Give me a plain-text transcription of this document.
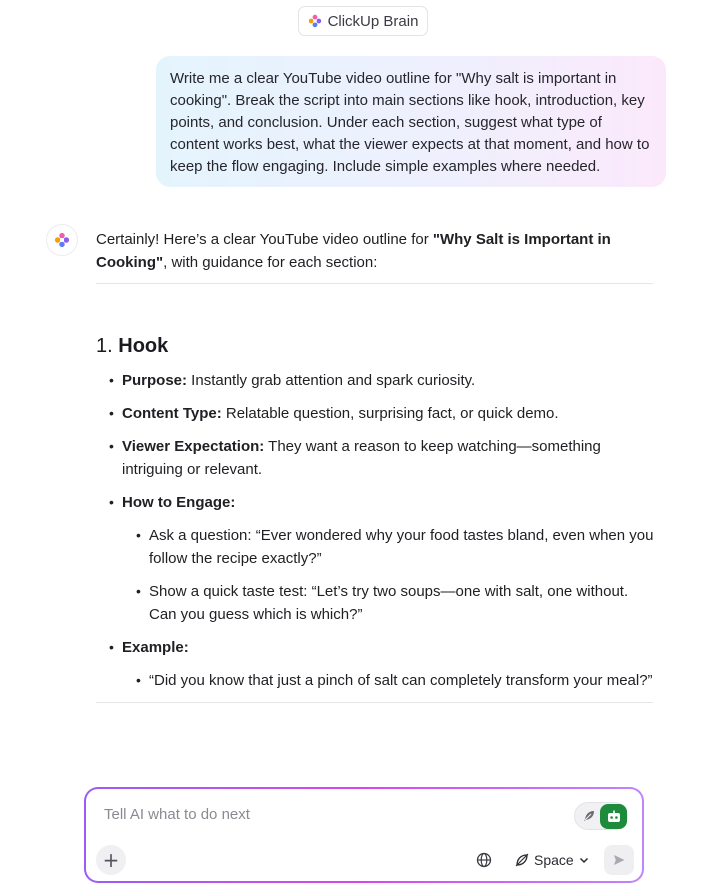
ClickUp Brain
Write me a clear YouTube video outline for "Why salt is important in cooking". Break the script into main sections like hook, introduction, key points, and conclusion. Under each section, suggest what type of content works best, what the viewer expects at that moment, and how to keep the flow engaging. Include simple examples where needed.

Certainly! Here’s a clear YouTube video outline for "Why Salt is Important in Cooking", with guidance for each section:

1. Hook
• Purpose: Instantly grab attention and spark curiosity.
• Content Type: Relatable question, surprising fact, or quick demo.
• Viewer Expectation: They want a reason to keep watching—something intriguing or relevant.
• How to Engage:
• Ask a question: “Ever wondered why your food tastes bland, even when you follow the recipe exactly?”
• Show a quick taste test: “Let’s try two soups—one with salt, one without. Can you guess which is which?”
• Example:
• “Did you know that just a pinch of salt can completely transform your meal?”
Tell AI what to do next
+	Space
